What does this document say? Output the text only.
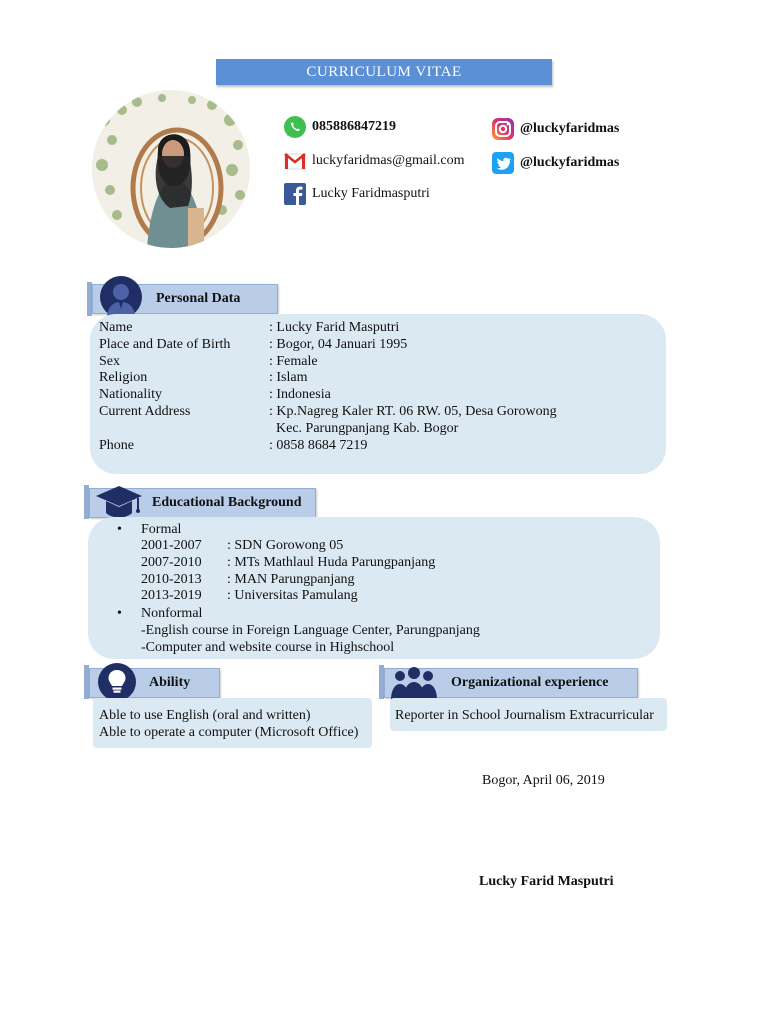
CURRICULUM VITAE
085886847219
luckyfaridmas@gmail.com
Lucky Faridmasputri
@luckyfaridmas
@luckyfaridmas
Personal Data
Name	: Lucky Farid Masputri
Place and Date of Birth	: Bogor, 04 Januari 1995
Sex	: Female
Religion	: Islam
Nationality	: Indonesia
Current Address	: Kp.Nagreg Kaler RT. 06 RW. 05, Desa Gorowong
Kec. Parungpanjang Kab. Bogor
Phone	: 0858 8684 7219
Educational Background
• Formal
2001-2007	: SDN Gorowong 05
2007-2010	: MTs Mathlaul Huda Parungpanjang
2010-2013	: MAN Parungpanjang
2013-2019	: Universitas Pamulang
• Nonformal
-English course in Foreign Language Center, Parungpanjang
-Computer and website course in Highschool
Ability
Able to use English (oral and written)
Able to operate a computer (Microsoft Office)
Organizational experience
Reporter in School Journalism Extracurricular
Bogor, April 06, 2019
Lucky Farid Masputri
